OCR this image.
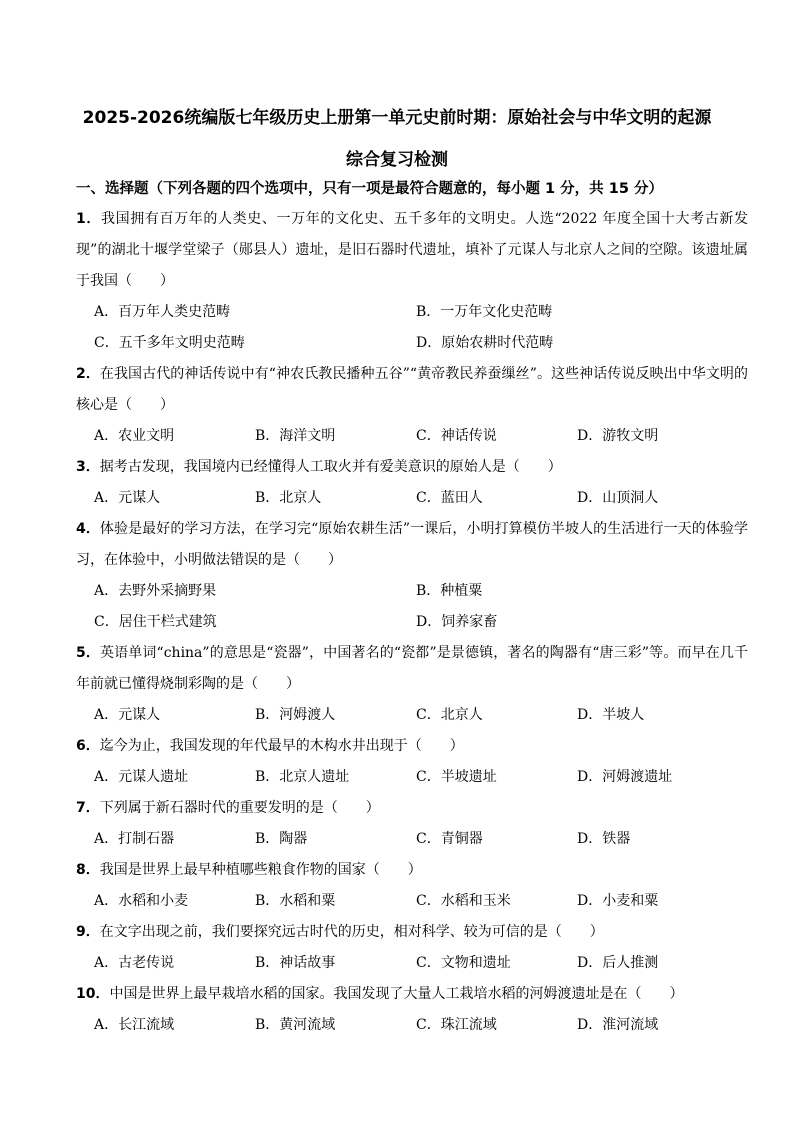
2025-2026统编版七年级历史上册第一单元史前时期：原始社会与中华文明的起源
综合复习检测
一、选择题（下列各题的四个选项中，只有一项是最符合题意的，每小题 1 分，共 15 分）

1．我国拥有百万年的人类史、一万年的文化史、五千多年的文明史。人选“2022 年度全国十大考古新发现”的湖北十堰学堂梁子（郧县人）遗址，是旧石器时代遗址，填补了元谋人与北京人之间的空隙。该遗址属于我国（　　）

A．百万年人类史范畴	B．一万年文化史范畴
C．五千多年文明史范畴	D．原始农耕时代范畴

2．在我国古代的神话传说中有“神农氏教民播种五谷”“黄帝教民养蚕缫丝”。这些神话传说反映出中华文明的核心是（　　）

A．农业文明	B．海洋文明	C．神话传说	D．游牧文明

3．据考古发现，我国境内已经懂得人工取火并有爱美意识的原始人是（　　）

A．元谋人	B．北京人	C．蓝田人	D．山顶洞人

4．体验是最好的学习方法，在学习完“原始农耕生活”一课后，小明打算模仿半坡人的生活进行一天的体验学习，在体验中，小明做法错误的是（　　）

A．去野外采摘野果	B．种植粟
C．居住干栏式建筑	D．饲养家畜

5．英语单词“china”的意思是“瓷器”，中国著名的“瓷都”是景德镇，著名的陶器有“唐三彩”等。而早在几千年前就已懂得烧制彩陶的是（　　）

A．元谋人	B．河姆渡人	C．北京人	D．半坡人

6．迄今为止，我国发现的年代最早的木构水井出现于（　　）

A．元谋人遗址	B．北京人遗址	C．半坡遗址	D．河姆渡遗址

7．下列属于新石器时代的重要发明的是（　　）

A．打制石器	B．陶器	C．青铜器	D．铁器

8．我国是世界上最早种植哪些粮食作物的国家（　　）

A．水稻和小麦	B．水稻和粟	C．水稻和玉米	D．小麦和粟

9．在文字出现之前，我们要探究远古时代的历史，相对科学、较为可信的是（　　）

A．古老传说	B．神话故事	C．文物和遗址	D．后人推测

10．中国是世界上最早栽培水稻的国家。我国发现了大量人工栽培水稻的河姆渡遗址是在（　　）

A．长江流域	B．黄河流域	C．珠江流域	D．淮河流域
